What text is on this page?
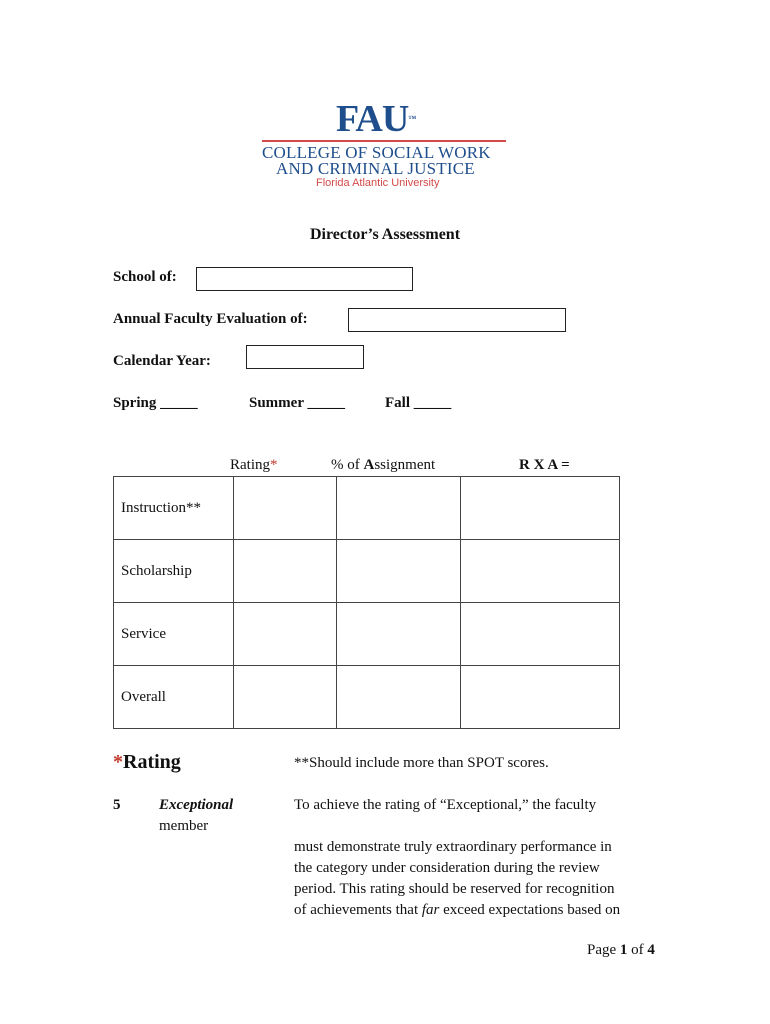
FAU™
COLLEGE OF SOCIAL WORK
AND CRIMINAL JUSTICE
Florida Atlantic University
Director’s Assessment
School of:
Annual Faculty Evaluation of:
Calendar Year:
Spring _____	Summer _____	Fall _____
Rating*	% of Assignment	R X A =
Instruction**			
Scholarship			
Service			
Overall			
*Rating	**Should include more than SPOT scores.
5	Exceptional
member
To achieve the rating of “Exceptional,” the faculty
must demonstrate truly extraordinary performance in
the category under consideration during the review
period. This rating should be reserved for recognition
of achievements that far exceed expectations based on
Page 1 of 4
